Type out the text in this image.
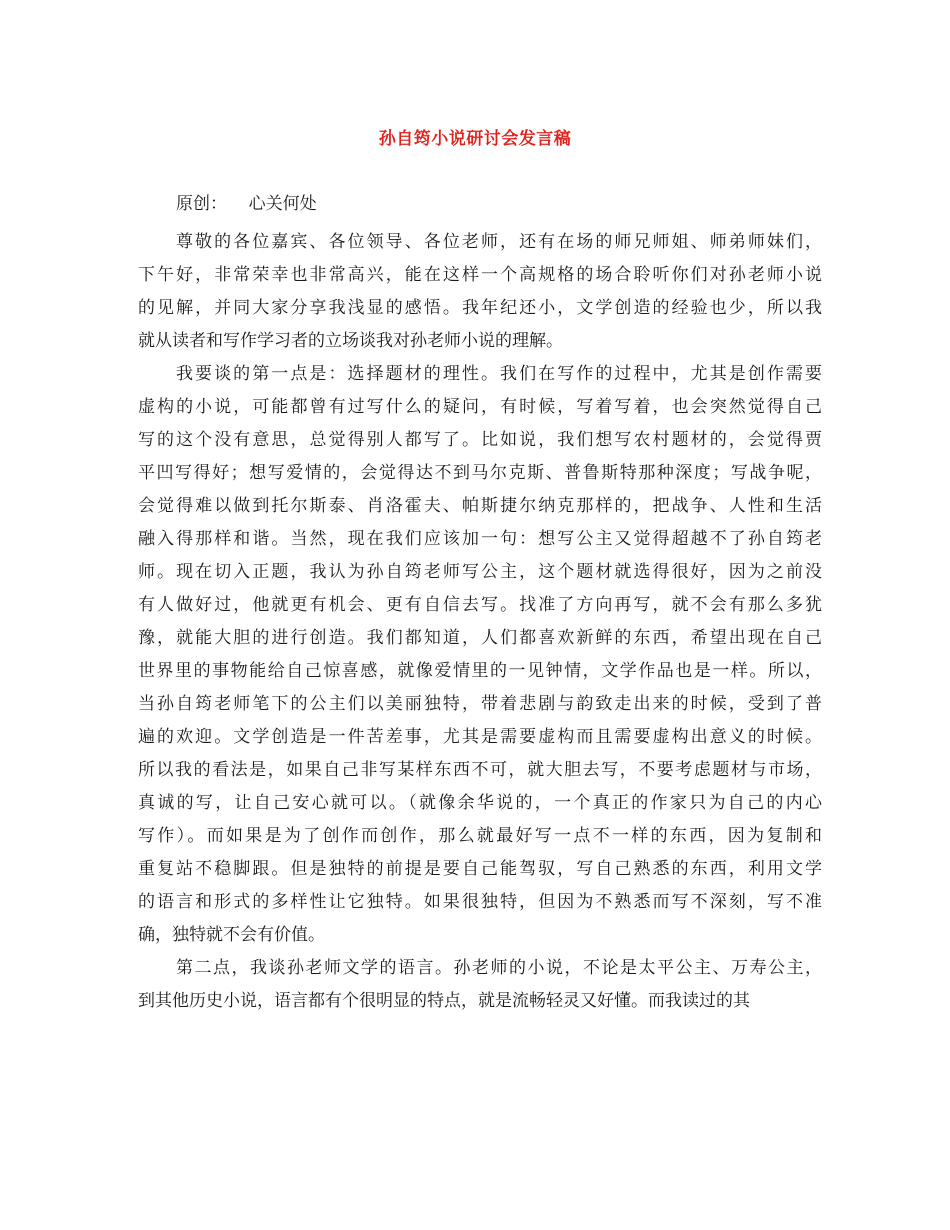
孙自筠小说研讨会发言稿
原创：    心关何处

尊敬的各位嘉宾、各位领导、各位老师，还有在场的师兄师姐、师弟师妹们，
下午好，非常荣幸也非常高兴，能在这样一个高规格的场合聆听你们对孙老师小说
的见解，并同大家分享我浅显的感悟。我年纪还小，文学创造的经验也少，所以我
就从读者和写作学习者的立场谈我对孙老师小说的理解。

我要谈的第一点是：选择题材的理性。我们在写作的过程中，尤其是创作需要
虚构的小说，可能都曾有过写什么的疑问，有时候，写着写着，也会突然觉得自己
写的这个没有意思，总觉得别人都写了。比如说，我们想写农村题材的，会觉得贾
平凹写得好；想写爱情的，会觉得达不到马尔克斯、普鲁斯特那种深度；写战争呢，
会觉得难以做到托尔斯泰、肖洛霍夫、帕斯捷尔纳克那样的，把战争、人性和生活
融入得那样和谐。当然，现在我们应该加一句：想写公主又觉得超越不了孙自筠老
师。现在切入正题，我认为孙自筠老师写公主，这个题材就选得很好，因为之前没
有人做好过，他就更有机会、更有自信去写。找准了方向再写，就不会有那么多犹
豫，就能大胆的进行创造。我们都知道，人们都喜欢新鲜的东西，希望出现在自己
世界里的事物能给自己惊喜感，就像爱情里的一见钟情，文学作品也是一样。所以，
当孙自筠老师笔下的公主们以美丽独特，带着悲剧与韵致走出来的时候，受到了普
遍的欢迎。文学创造是一件苦差事，尤其是需要虚构而且需要虚构出意义的时候。
所以我的看法是，如果自己非写某样东西不可，就大胆去写，不要考虑题材与市场，
真诚的写，让自己安心就可以。（就像余华说的，一个真正的作家只为自己的内心
写作）。而如果是为了创作而创作，那么就最好写一点不一样的东西，因为复制和
重复站不稳脚跟。但是独特的前提是要自己能驾驭，写自己熟悉的东西，利用文学
的语言和形式的多样性让它独特。如果很独特，但因为不熟悉而写不深刻，写不准
确，独特就不会有价值。

第二点，我谈孙老师文学的语言。孙老师的小说，不论是太平公主、万寿公主，
到其他历史小说，语言都有个很明显的特点，就是流畅轻灵又好懂。而我读过的其
